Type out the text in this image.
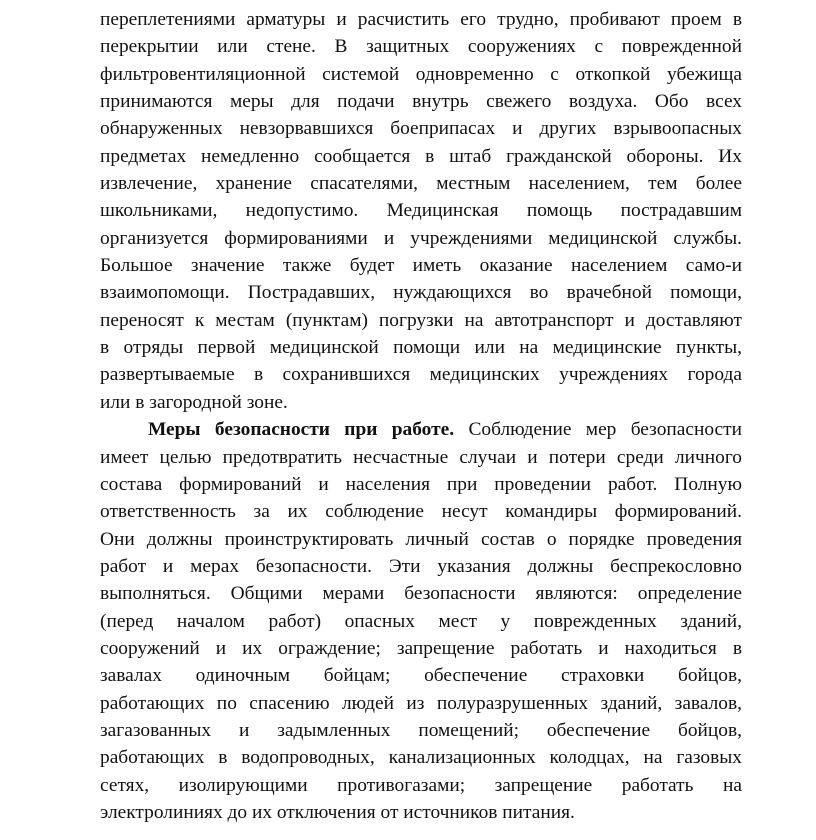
переплетениями арматуры и расчистить его трудно, пробивают проем в
перекрытии или стене. В защитных сооружениях с поврежденной
фильтровентиляционной системой одновременно с откопкой убежища
принимаются меры для подачи внутрь свежего воздуха. Обо всех
обнаруженных невзорвавшихся боеприпасах и других взрывоопасных
предметах немедленно сообщается в штаб гражданской обороны. Их
извлечение, хранение спасателями, местным населением, тем более
школьниками, недопустимо. Медицинская помощь пострадавшим
организуется формированиями и учреждениями медицинской службы.
Большое значение также будет иметь оказание населением само-и
взаимопомощи. Пострадавших, нуждающихся во врачебной помощи,
переносят к местам (пунктам) погрузки на автотранспорт и доставляют
в отряды первой медицинской помощи или на медицинские пункты,
развертываемые в сохранившихся медицинских учреждениях города
или в загородной зоне.
Меры безопасности при работе. Соблюдение мер безопасности
имеет целью предотвратить несчастные случаи и потери среди личного
состава формирований и населения при проведении работ. Полную
ответственность за их соблюдение несут командиры формирований.
Они должны проинструктировать личный состав о порядке проведения
работ и мерах безопасности. Эти указания должны беспрекословно
выполняться. Общими мерами безопасности являются: определение
(перед началом работ) опасных мест у поврежденных зданий,
сооружений и их ограждение; запрещение работать и находиться в
завалах одиночным бойцам; обеспечение страховки бойцов,
работающих по спасению людей из полуразрушенных зданий, завалов,
загазованных и задымленных помещений; обеспечение бойцов,
работающих в водопроводных, канализационных колодцах, на газовых
сетях, изолирующими противогазами; запрещение работать на
электролиниях до их отключения от источников питания.
